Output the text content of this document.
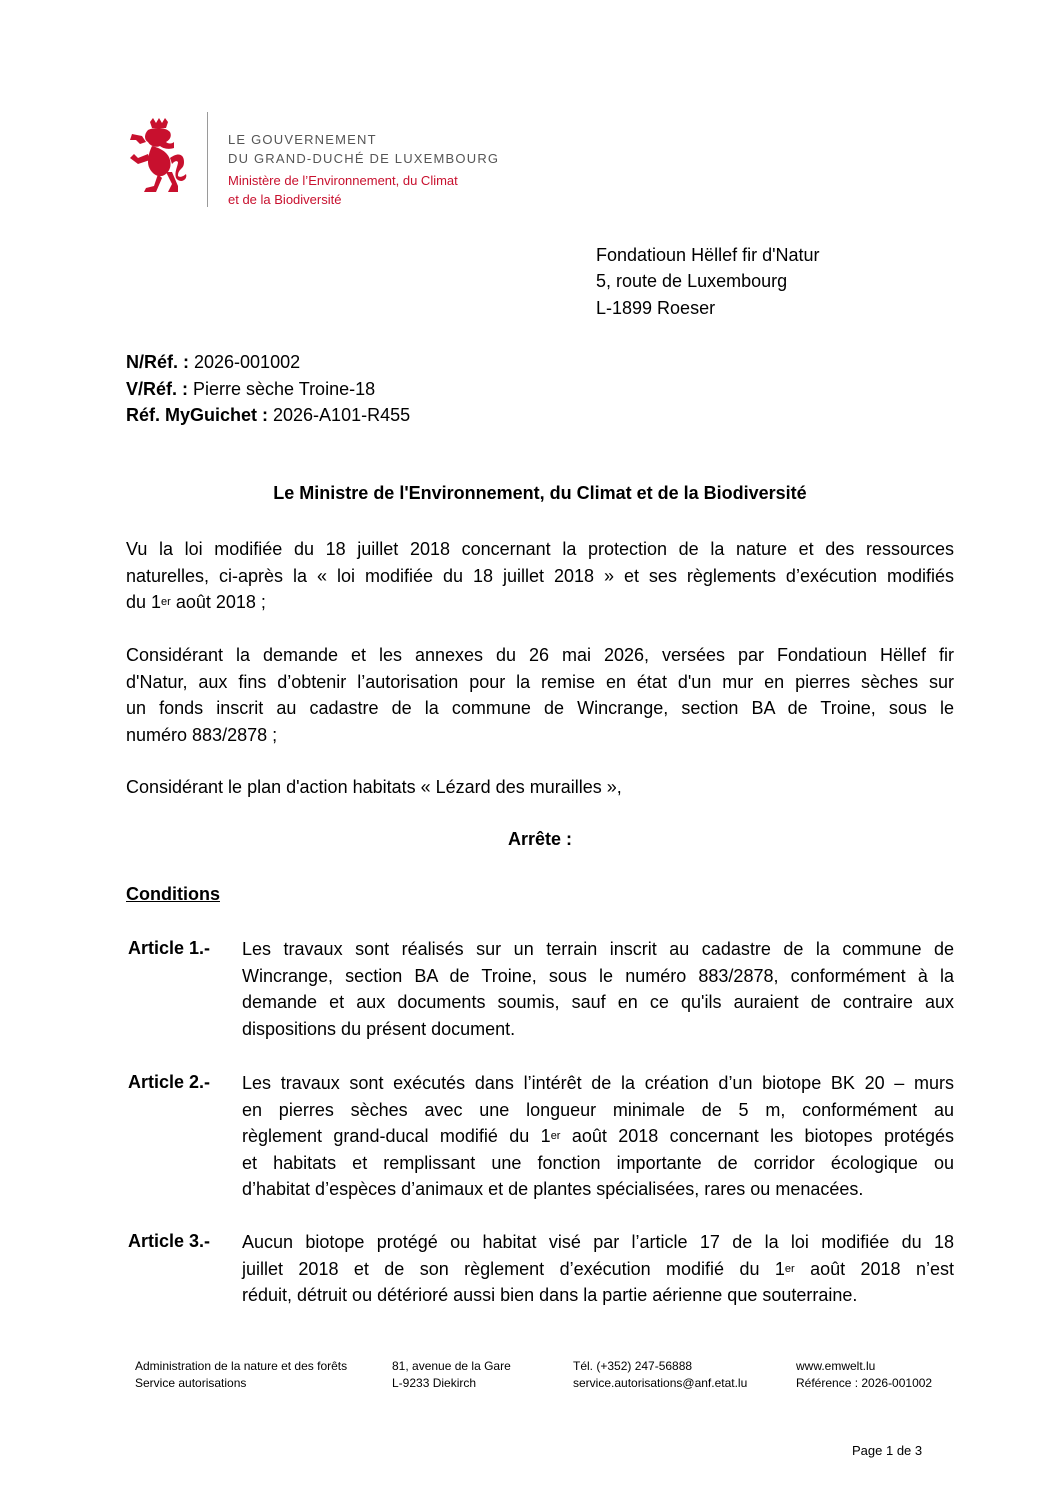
LE GOUVERNEMENT
DU GRAND-DUCHÉ DE LUXEMBOURG
Ministère de l’Environnement, du Climat
et de la Biodiversité
Fondatioun Hëllef fir d'Natur
5, route de Luxembourg
L-1899 Roeser
N/Réf. : 2026-001002
V/Réf. : Pierre sèche Troine-18
Réf. MyGuichet : 2026-A101-R455
Le Ministre de l'Environnement, du Climat et de la Biodiversité
Vu la loi modifiée du 18 juillet 2018 concernant la protection de la nature et des ressources
naturelles, ci-après la « loi modifiée du 18 juillet 2018 » et ses règlements d’exécution modifiés
du 1er août 2018 ;
Considérant la demande et les annexes du 26 mai 2026, versées par Fondatioun Hëllef fir
d'Natur, aux fins d’obtenir l’autorisation pour la remise en état d'un mur en pierres sèches sur
un fonds inscrit au cadastre de la commune de Wincrange, section BA de Troine, sous le
numéro 883/2878 ;
Considérant le plan d'action habitats « Lézard des murailles »,
Arrête :
Conditions
Article 1.- Les travaux sont réalisés sur un terrain inscrit au cadastre de la commune de
Wincrange, section BA de Troine, sous le numéro 883/2878, conformément à la
demande et aux documents soumis, sauf en ce qu'ils auraient de contraire aux
dispositions du présent document.
Article 2.- Les travaux sont exécutés dans l’intérêt de la création d’un biotope BK 20 – murs
en pierres sèches avec une longueur minimale de 5 m, conformément au
règlement grand-ducal modifié du 1er août 2018 concernant les biotopes protégés
et habitats et remplissant une fonction importante de corridor écologique ou
d’habitat d’espèces d’animaux et de plantes spécialisées, rares ou menacées.
Article 3.- Aucun biotope protégé ou habitat visé par l’article 17 de la loi modifiée du 18
juillet 2018 et de son règlement d’exécution modifié du 1er août 2018 n’est
réduit, détruit ou détérioré aussi bien dans la partie aérienne que souterraine.
Administration de la nature et des forêts
Service autorisations
81, avenue de la Gare
L-9233 Diekirch
Tél. (+352) 247-56888
service.autorisations@anf.etat.lu
www.emwelt.lu
Référence : 2026-001002
Page 1 de 3
